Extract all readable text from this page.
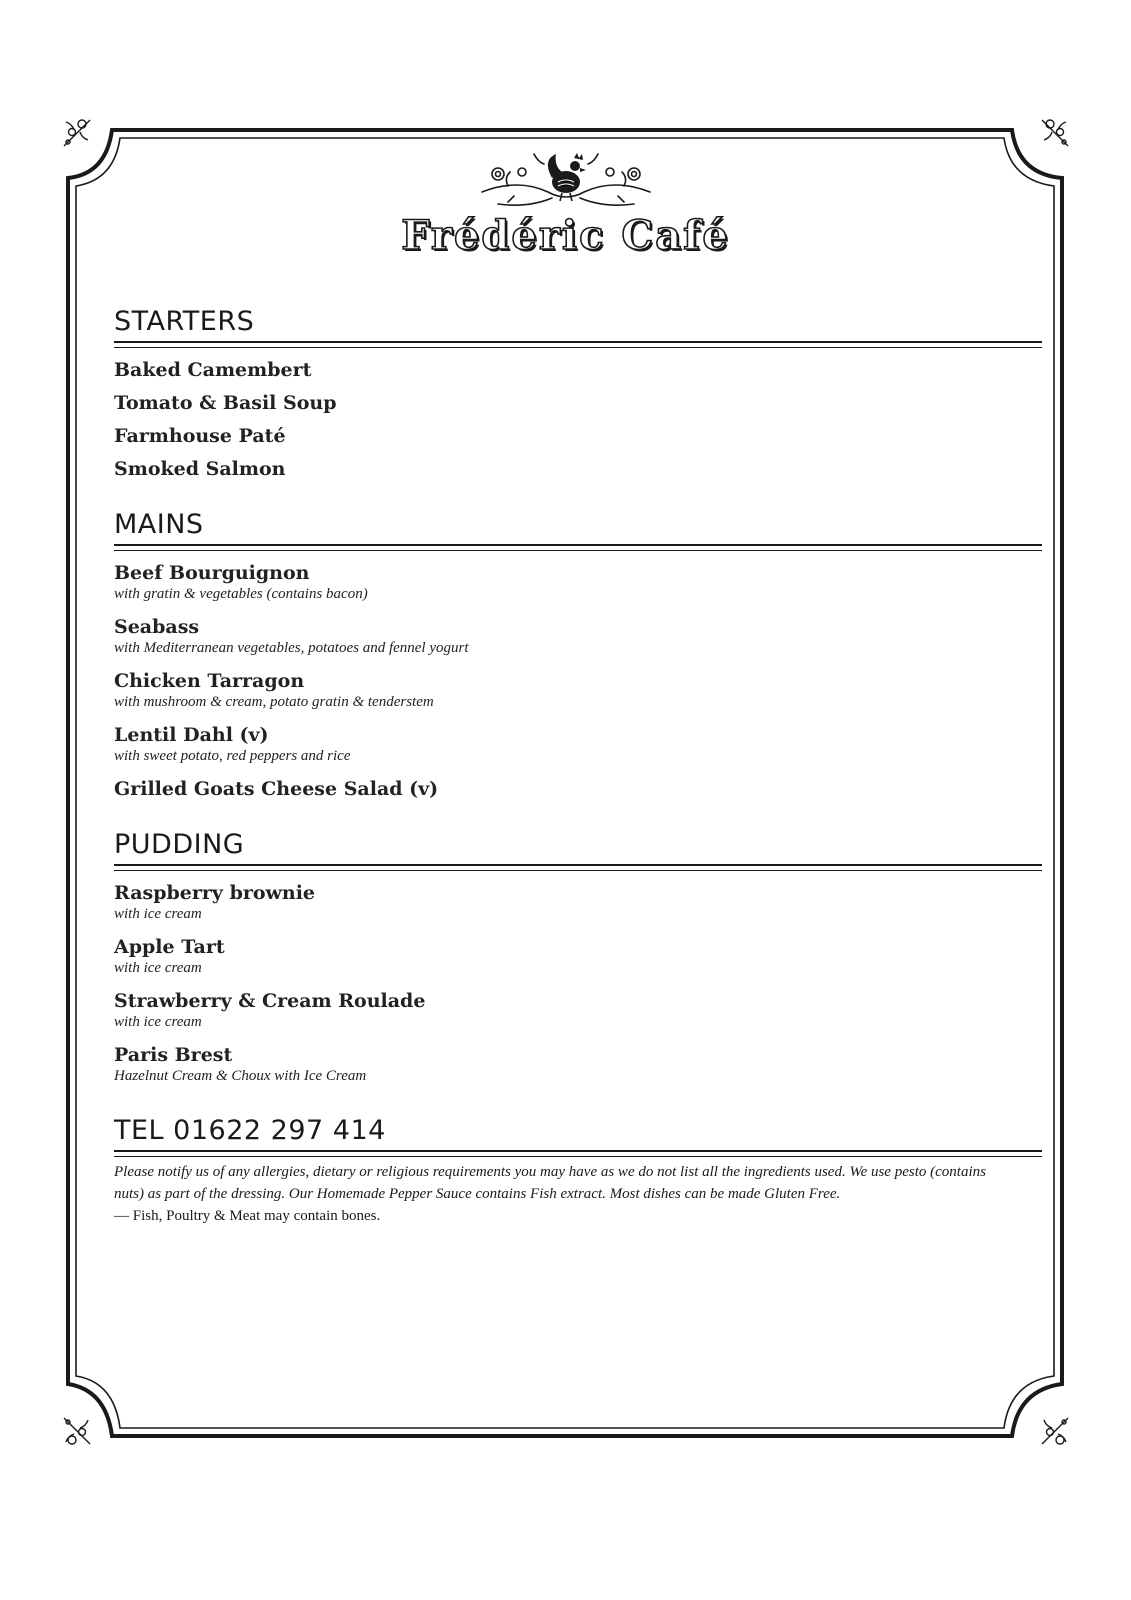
Frédéric Café
STARTERS
Baked Camembert
Tomato & Basil Soup
Farmhouse Paté
Smoked Salmon
MAINS
Beef Bourguignon
with gratin & vegetables (contains bacon)
Seabass
with Mediterranean vegetables, potatoes and fennel yogurt
Chicken Tarragon
with mushroom & cream, potato gratin & tenderstem
Lentil Dahl (v)
with sweet potato, red peppers and rice
Grilled Goats Cheese Salad (v)
PUDDING
Raspberry brownie
with ice cream
Apple Tart
with ice cream
Strawberry & Cream Roulade
with ice cream
Paris Brest
Hazelnut Cream & Choux with Ice Cream
TEL 01622 297 414
Please notify us of any allergies, dietary or religious requirements you may have as we do not list all the ingredients used. We use pesto (contains nuts) as part of the dressing. Our Homemade Pepper Sauce contains Fish extract. Most dishes can be made Gluten Free.
— Fish, Poultry & Meat may contain bones.
